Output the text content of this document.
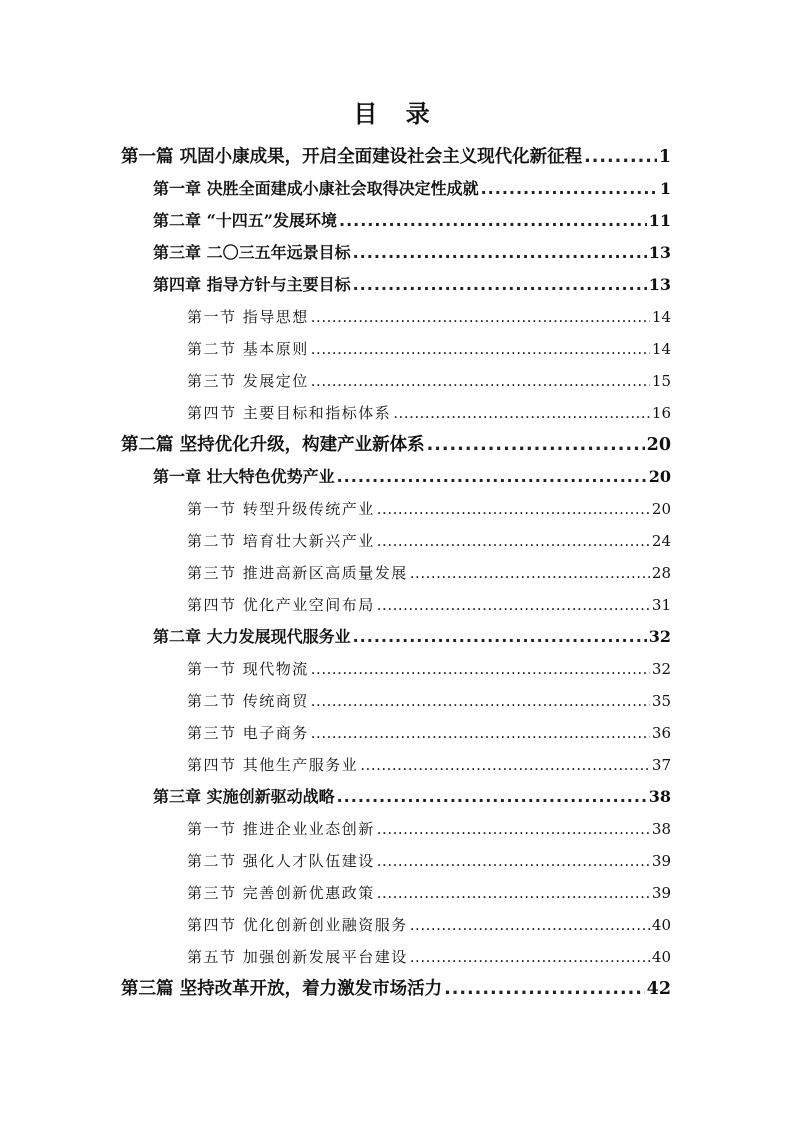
目 录
第一篇 巩固小康成果，开启全面建设社会主义现代化新征程 .....	1
第一章 决胜全面建成小康社会取得决定性成就 .....	1
第二章 “十四五”发展环境 .....	11
第三章 二〇三五年远景目标 .....	13
第四章 指导方针与主要目标 .....	13
第一节 指导思想 .....	14
第二节 基本原则 .....	14
第三节 发展定位 .....	15
第四节 主要目标和指标体系 .....	16
第二篇 坚持优化升级，构建产业新体系 .....	20
第一章 壮大特色优势产业 .....	20
第一节 转型升级传统产业 .....	20
第二节 培育壮大新兴产业 .....	24
第三节 推进高新区高质量发展 .....	28
第四节 优化产业空间布局 .....	31
第二章 大力发展现代服务业 .....	32
第一节 现代物流 .....	32
第二节 传统商贸 .....	35
第三节 电子商务 .....	36
第四节 其他生产服务业 .....	37
第三章 实施创新驱动战略 .....	38
第一节 推进企业业态创新 .....	38
第二节 强化人才队伍建设 .....	39
第三节 完善创新优惠政策 .....	39
第四节 优化创新创业融资服务 .....	40
第五节 加强创新发展平台建设 .....	40
第三篇 坚持改革开放，着力激发市场活力 .....	42
